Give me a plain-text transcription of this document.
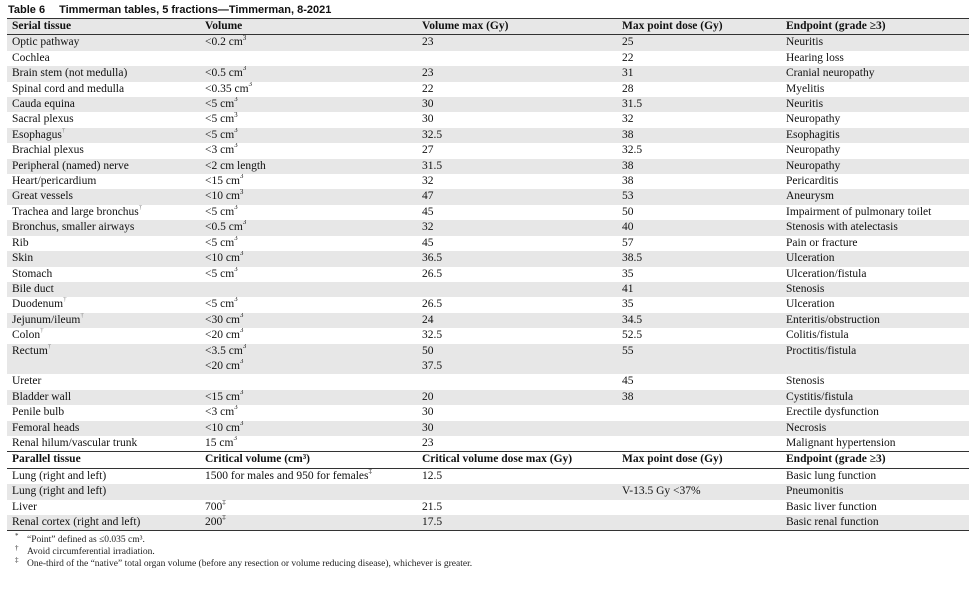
Table 6 Timmerman tables, 5 fractions—Timmerman, 8-2021
Serial tissue	Volume	Volume max (Gy)	Max point dose (Gy)	Endpoint (grade ≥3)
Optic pathway	<0.2 $cm^3$	23	25	Neuritis
Cochlea			22	Hearing loss
Brain stem (not medulla)	<0.5 $cm^3$	23	31	Cranial neuropathy
Spinal cord and medulla	<0.35 $cm^3$	22	28	Myelitis
Cauda equina	<5 $cm^3$	30	31.5	Neuritis
Sacral plexus	<5 $cm^3$	30	32	Neuropathy
Esophagus†	<5 $cm^3$	32.5	38	Esophagitis
Brachial plexus	<3 $cm^3$	27	32.5	Neuropathy
Peripheral (named) nerve	<2 cm length	31.5	38	Neuropathy
Heart/pericardium	<15 $cm^3$	32	38	Pericarditis
Great vessels	<10 $cm^3$	47	53	Aneurysm
Trachea and large bronchus†	<5 $cm^3$	45	50	Impairment of pulmonary toilet
Bronchus, smaller airways	<0.5 $cm^3$	32	40	Stenosis with atelectasis
Rib	<5 $cm^3$	45	57	Pain or fracture
Skin	<10 $cm^3$	36.5	38.5	Ulceration
Stomach	<5 $cm^3$	26.5	35	Ulceration/fistula
Bile duct			41	Stenosis
Duodenum†	<5 $cm^3$	26.5	35	Ulceration
Jejunum/ileum†	<30 $cm^3$	24	34.5	Enteritis/obstruction
Colon†	<20 $cm^3$	32.5	52.5	Colitis/fistula
Rectum†	<3.5 $cm^3$	50	55	Proctitis/fistula
	<20 $cm^3$	37.5		
Ureter			45	Stenosis
Bladder wall	<15 $cm^3$	20	38	Cystitis/fistula
Penile bulb	<3 $cm^3$	30		Erectile dysfunction
Femoral heads	<10 $cm^3$	30		Necrosis
Renal hilum/vascular trunk	15 $cm^3$	23		Malignant hypertension
Parallel tissue	Critical volume (cm³)	Critical volume dose max (Gy)	Max point dose (Gy)	Endpoint (grade ≥3)
Lung (right and left)	1500 for males and 950 for females‡	12.5		Basic lung function
Lung (right and left)			V-13.5 Gy <37%	Pneumonitis
Liver	700‡	21.5		Basic liver function
Renal cortex (right and left)	200‡	17.5		Basic renal function
* “Point” defined as ≤0.035 cm³.
† Avoid circumferential irradiation.
‡ One-third of the “native” total organ volume (before any resection or volume reducing disease), whichever is greater.
